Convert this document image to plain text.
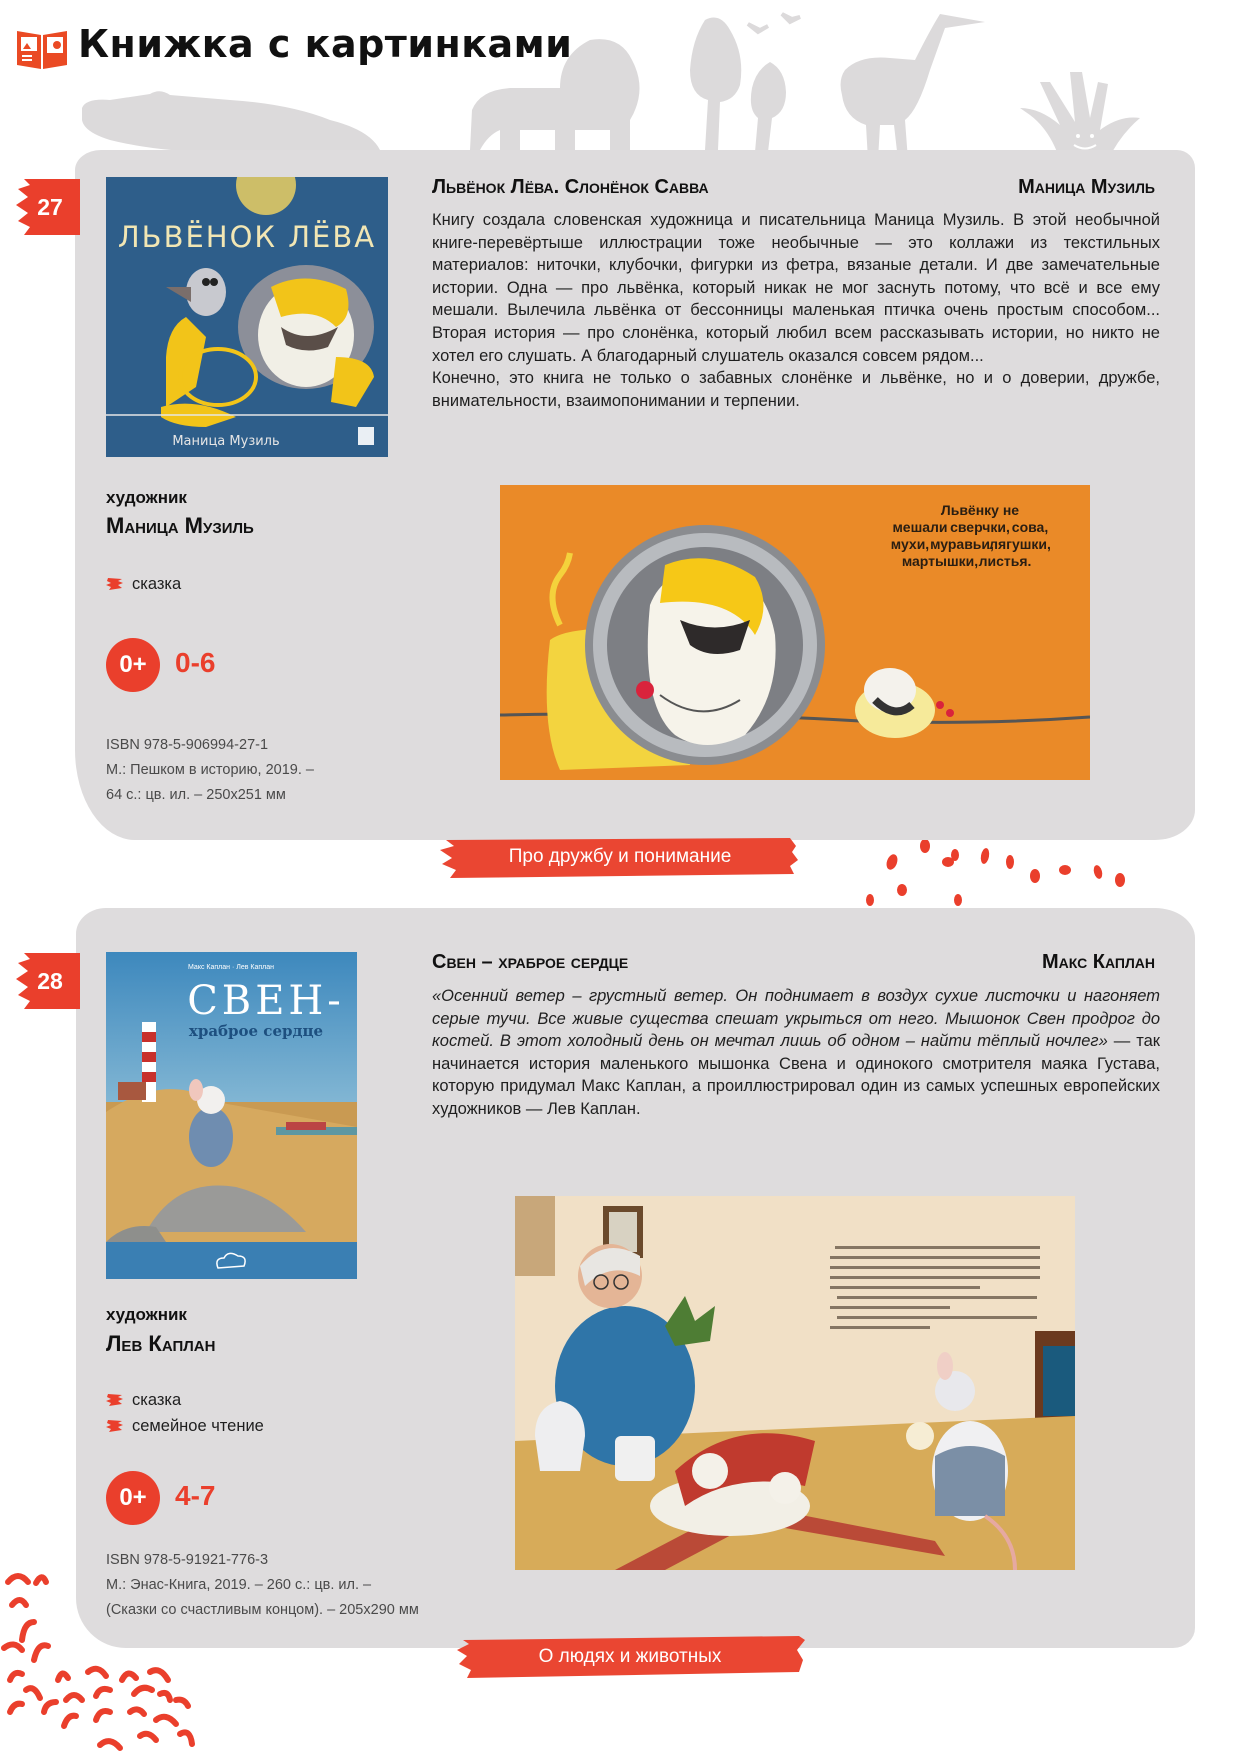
Книжка с картинками
27
ЛЬВЁНОК ЛЁВА
Маница Музиль
Львёнок Лёва. Слонёнок Савва	Маница Музиль

Книгу создала словенская художница и писательница Маница Музиль. В этой необычной книге-перевёртыше иллюстрации тоже необычные — это коллажи из текстильных материалов: ниточки, клубочки, фигурки из фетра, вязаные детали. И две замечательные истории. Одна — про львёнка, который никак не мог заснуть потому, что всё и все ему мешали. Вылечила львёнка от бессонницы маленькая птичка очень простым способом... Вторая история — про слонёнка, который любил всем рассказывать истории, но никто не хотел его слушать. А благодарный слушатель оказался совсем рядом...

Конечно, это книга не только о забавных слонёнке и львёнке, но и о доверии, дружбе, внимательности, взаимопонимании и терпении.

художник
Маница Музиль
сказка
0+	0-6
ISBN 978-5-906994-27-1
М.: Пешком в историю, 2019. –
64 с.: цв. ил. – 250x251 мм
Львёнку не
мешали сверчки, сова,
мухи, муравьи,
лягушки,
мартышки, листья.
Про дружбу и понимание
28	Макс Каплан · Лев Каплан
СВЕН-
храброе сердце
Свен – храброе сердце	Макс Каплан

«Осенний ветер – грустный ветер. Он поднимает в воздух сухие листочки и нагоняет серые тучи. Все живые существа спешат укрыться от него. Мышонок Свен продрог до костей. В этот холодный день он мечтал лишь об одном – найти тёплый ночлег» — так начинается история маленького мышонка Свена и одинокого смотрителя маяка Густава, которую придумал Макс Каплан, а проиллюстрировал один из самых успешных европейских художников — Лев Каплан.

художник
Лев Каплан
сказка
семейное чтение
0+	4-7
ISBN 978-5-91921-776-3
М.: Энас-Книга, 2019. – 260 с.: цв. ил. –
(Сказки со счастливым концом). – 205x290 мм
О людях и животных
